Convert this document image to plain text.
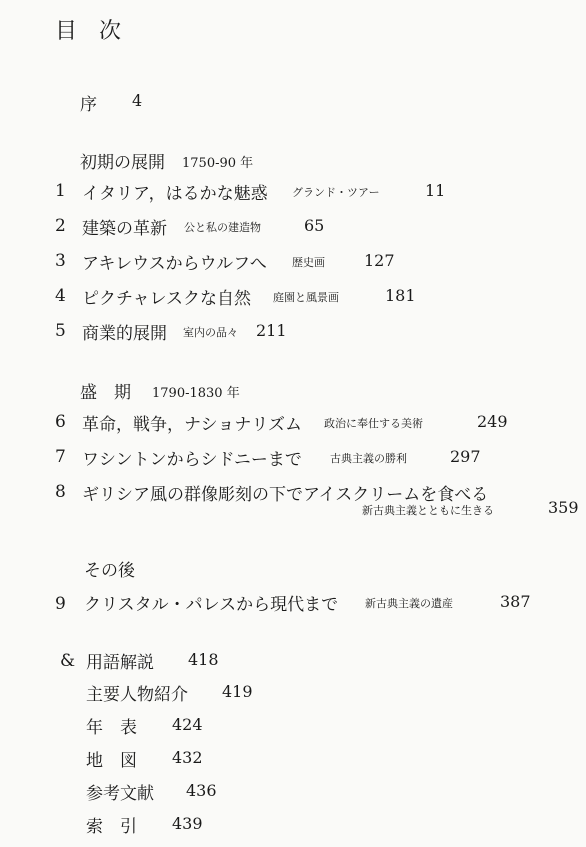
目　次
序 4
初期の展開 1750-90 年
1 イタリア，はるかな魅惑 グランド・ツアー	11
2 建築の革新 公と私の建造物	65
3 アキレウスからウルフへ 歴史画 127
4 ピクチャレスクな自然 庭園と風景画	181
5 商業的展開 室内の品々 211
盛　期 1790-1830 年
6 革命，戦争，ナショナリズム 政治に奉仕する美術	249
7 ワシントンからシドニーまで	古典主義の勝利	297
8 ギリシア風の群像彫刻の下でアイスクリームを食べる
新古典主義とともに生きる	359
その後
9 クリスタル・パレスから現代まで 新古典主義の遺産	387
& 用語解説 418
主要人物紹介 419
年　表 424
地　図 432
参考文献 436
索　引 439
